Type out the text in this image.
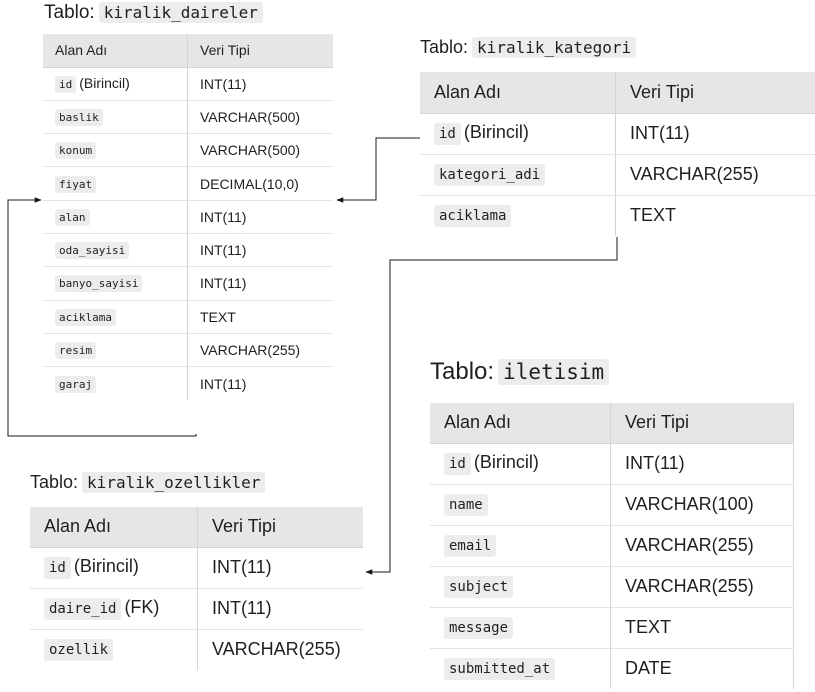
Tablo: kiralik_daireler
Alan Adı	Veri Tipi
id (Birincil)	INT(11)
baslik	VARCHAR(500)
konum	VARCHAR(500)
fiyat	DECIMAL(10,0)
alan	INT(11)
oda_sayisi	INT(11)
banyo_sayisi	INT(11)
aciklama	TEXT
resim	VARCHAR(255)
garaj	INT(11)
Tablo: kiralik_kategori
Alan Adı	Veri Tipi
id (Birincil)	INT(11)
kategori_adi	VARCHAR(255)
aciklama	TEXT
Tablo: kiralik_ozellikler
Alan Adı	Veri Tipi
id (Birincil)	INT(11)
daire_id (FK)	INT(11)
ozellik	VARCHAR(255)
Tablo: iletisim
Alan Adı	Veri Tipi
id (Birincil)	INT(11)
name	VARCHAR(100)
email	VARCHAR(255)
subject	VARCHAR(255)
message	TEXT
submitted_at	DATE
